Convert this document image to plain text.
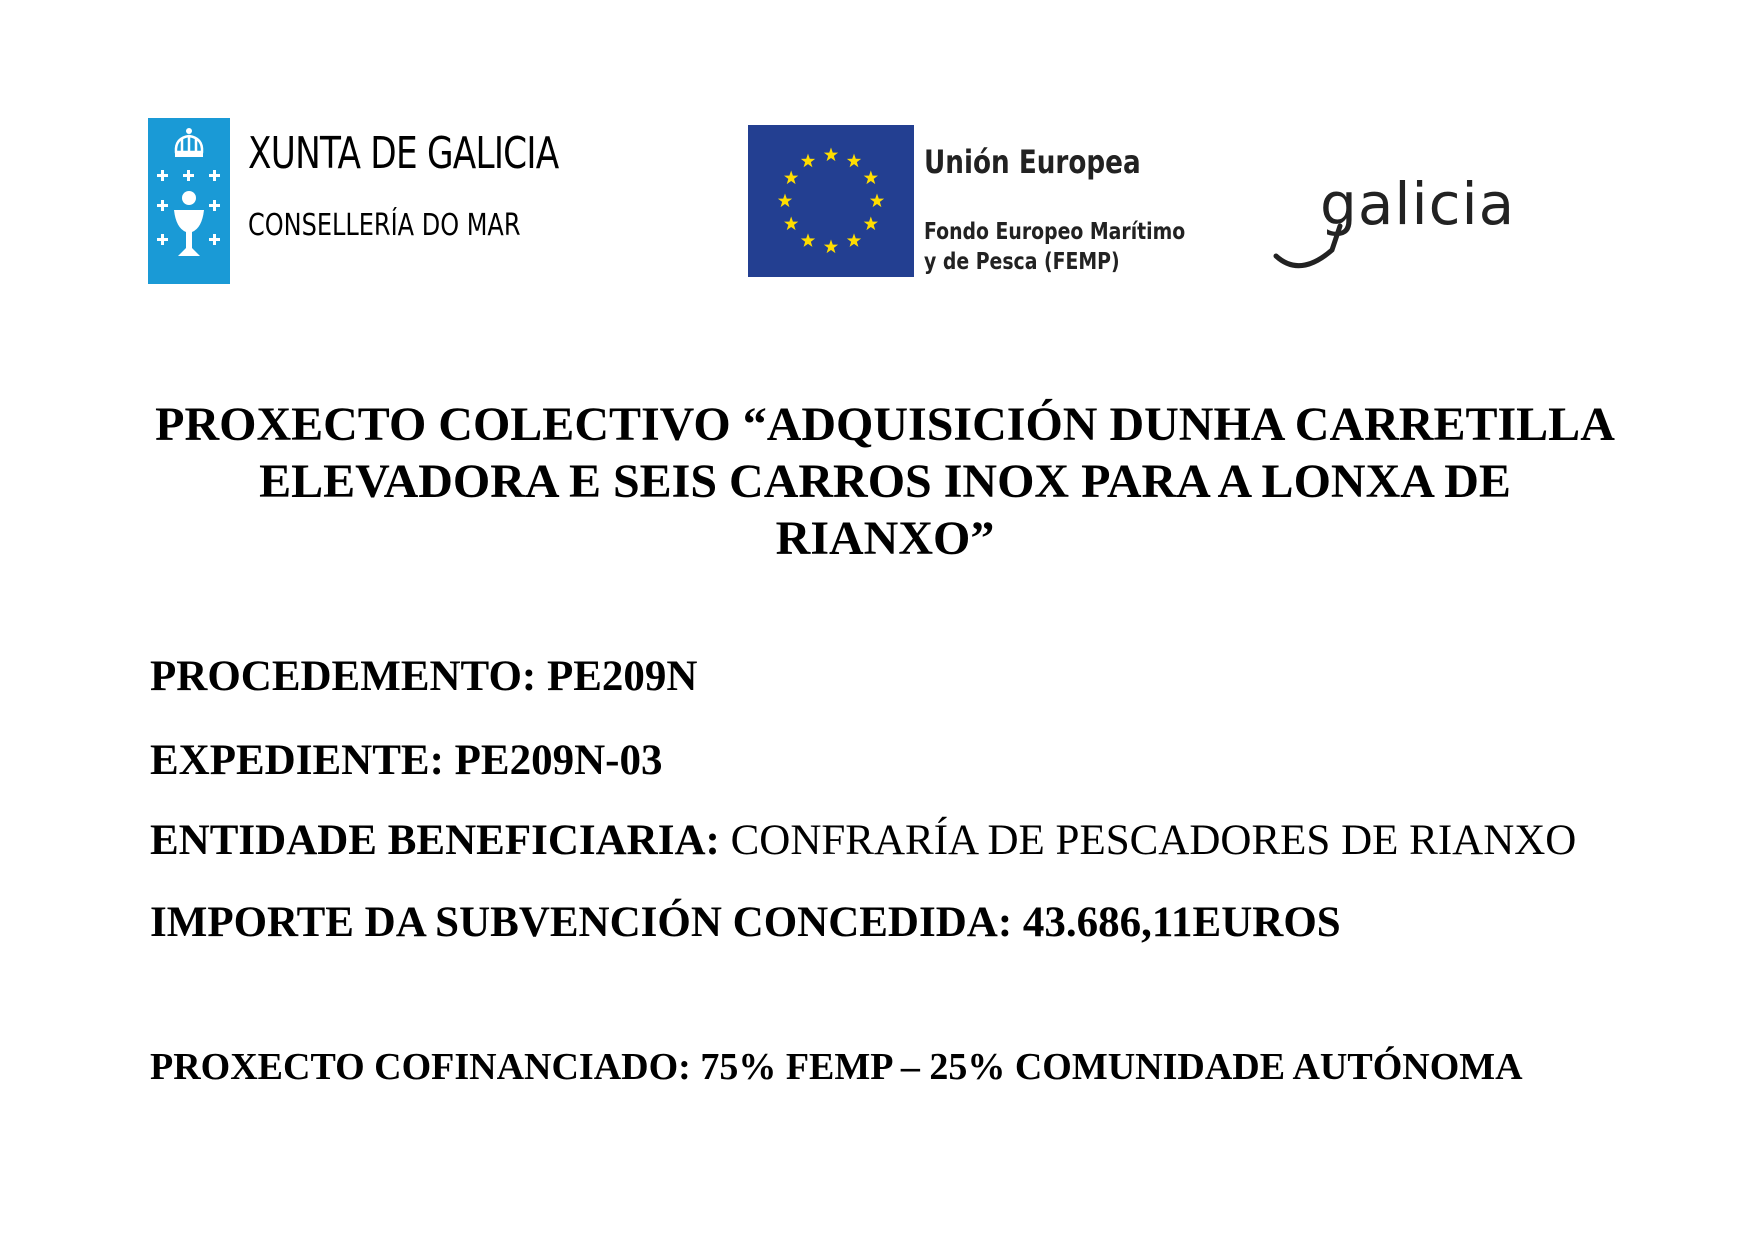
XUNTA DE GALICIA
CONSELLERÍA DO MAR
Unión Europea
Fondo Europeo Marítimo y de Pesca (FEMP)
galicia
PROXECTO COLECTIVO “ADQUISICIÓN DUNHA CARRETILLA ELEVADORA E SEIS CARROS INOX PARA A LONXA DE RIANXO”
PROCEDEMENTO: PE209N
EXPEDIENTE: PE209N-03
ENTIDADE BENEFICIARIA: CONFRARÍA DE PESCADORES DE RIANXO
IMPORTE DA SUBVENCIÓN CONCEDIDA: 43.686,11EUROS
PROXECTO COFINANCIADO: 75% FEMP – 25% COMUNIDADE AUTÓNOMA
